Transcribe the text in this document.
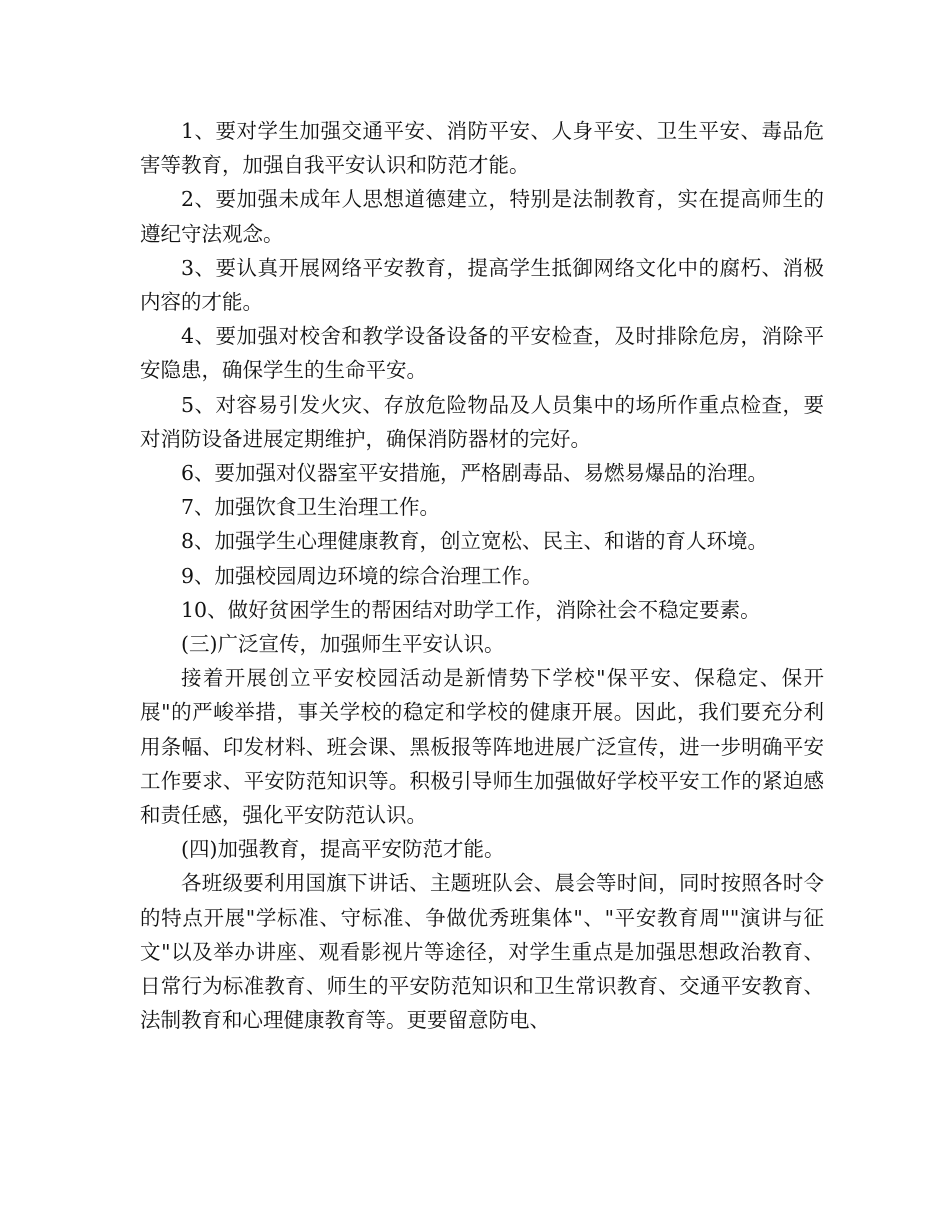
1、要对学生加强交通平安、消防平安、人身平安、卫生平安、毒品危害等教育，加强自我平安认识和防范才能。

2、要加强未成年人思想道德建立，特别是法制教育，实在提高师生的遵纪守法观念。

3、要认真开展网络平安教育，提高学生抵御网络文化中的腐朽、消极内容的才能。

4、要加强对校舍和教学设备设备的平安检查，及时排除危房，消除平安隐患，确保学生的生命平安。

5、对容易引发火灾、存放危险物品及人员集中的场所作重点检查，要对消防设备进展定期维护，确保消防器材的完好。

6、要加强对仪器室平安措施，严格剧毒品、易燃易爆品的治理。

7、加强饮食卫生治理工作。

8、加强学生心理健康教育，创立宽松、民主、和谐的育人环境。

9、加强校园周边环境的综合治理工作。

10、做好贫困学生的帮困结对助学工作，消除社会不稳定要素。

(三)广泛宣传，加强师生平安认识。

接着开展创立平安校园活动是新情势下学校"保平安、保稳定、保开展"的严峻举措，事关学校的稳定和学校的健康开展。因此，我们要充分利用条幅、印发材料、班会课、黑板报等阵地进展广泛宣传，进一步明确平安工作要求、平安防范知识等。积极引导师生加强做好学校平安工作的紧迫感和责任感，强化平安防范认识。

(四)加强教育，提高平安防范才能。

各班级要利用国旗下讲话、主题班队会、晨会等时间，同时按照各时令的特点开展"学标准、守标准、争做优秀班集体"、"平安教育周""演讲与征文"以及举办讲座、观看影视片等途径，对学生重点是加强思想政治教育、日常行为标准教育、师生的平安防范知识和卫生常识教育、交通平安教育、法制教育和心理健康教育等。更要留意防电、
